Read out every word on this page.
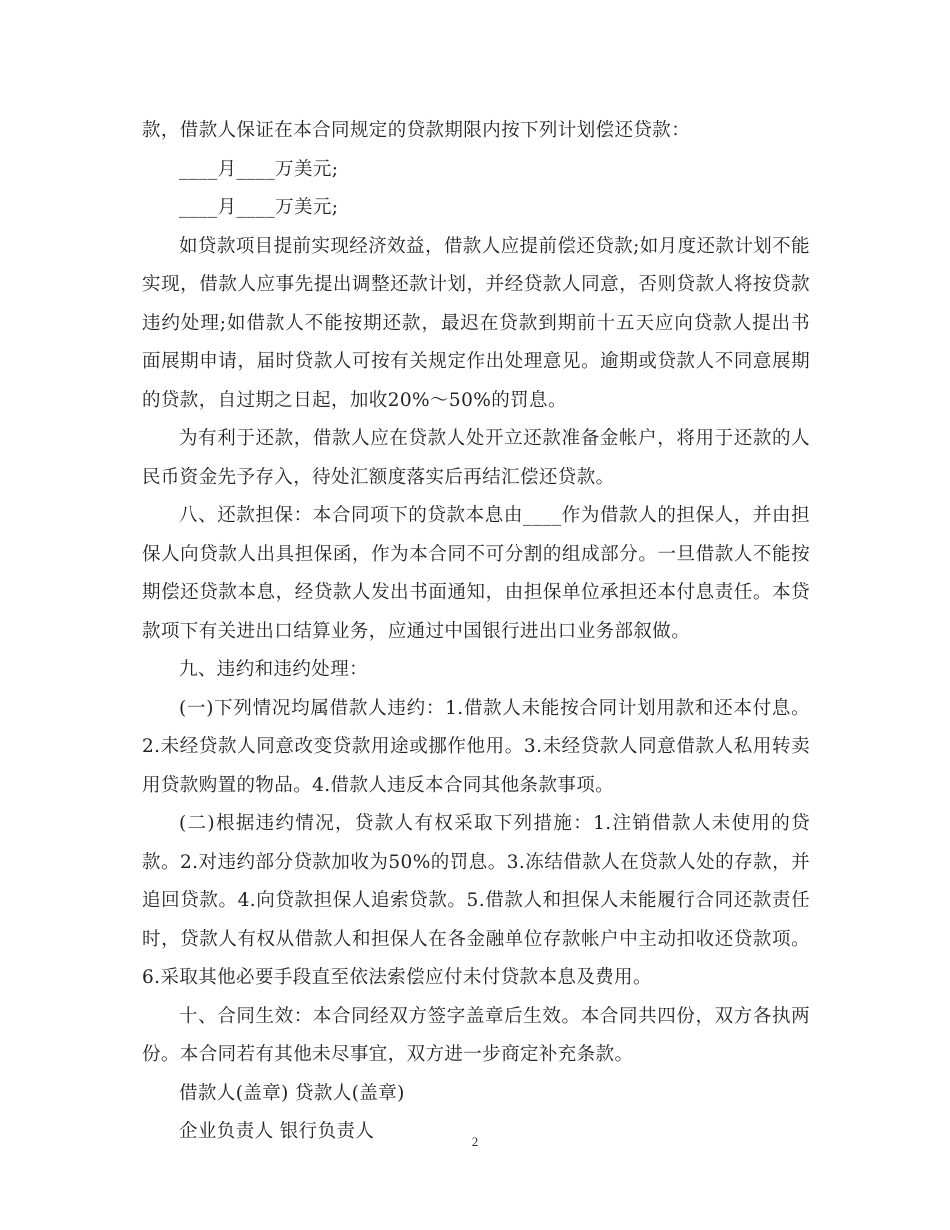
款，借款人保证在本合同规定的贷款期限内按下列计划偿还贷款：

____月____万美元;

____月____万美元;

如贷款项目提前实现经济效益，借款人应提前偿还贷款;如月度还款计划不能实现，借款人应事先提出调整还款计划，并经贷款人同意，否则贷款人将按贷款违约处理;如借款人不能按期还款，最迟在贷款到期前十五天应向贷款人提出书面展期申请，届时贷款人可按有关规定作出处理意见。逾期或贷款人不同意展期的贷款，自过期之日起，加收20%～50%的罚息。

为有利于还款，借款人应在贷款人处开立还款准备金帐户，将用于还款的人民币资金先予存入，待处汇额度落实后再结汇偿还贷款。

八、还款担保：本合同项下的贷款本息由____作为借款人的担保人，并由担保人向贷款人出具担保函，作为本合同不可分割的组成部分。一旦借款人不能按期偿还贷款本息，经贷款人发出书面通知，由担保单位承担还本付息责任。本贷款项下有关进出口结算业务，应通过中国银行进出口业务部叙做。

九、违约和违约处理：

(一)下列情况均属借款人违约：1.借款人未能按合同计划用款和还本付息。2.未经贷款人同意改变贷款用途或挪作他用。3.未经贷款人同意借款人私用转卖用贷款购置的物品。4.借款人违反本合同其他条款事项。

(二)根据违约情况，贷款人有权采取下列措施：1.注销借款人未使用的贷款。2.对违约部分贷款加收为50%的罚息。3.冻结借款人在贷款人处的存款，并追回贷款。4.向贷款担保人追索贷款。5.借款人和担保人未能履行合同还款责任时，贷款人有权从借款人和担保人在各金融单位存款帐户中主动扣收还贷款项。6.采取其他必要手段直至依法索偿应付未付贷款本息及费用。

十、合同生效：本合同经双方签字盖章后生效。本合同共四份，双方各执两份。本合同若有其他未尽事宜，双方进一步商定补充条款。

借款人(盖章) 贷款人(盖章)

企业负责人 银行负责人	2
